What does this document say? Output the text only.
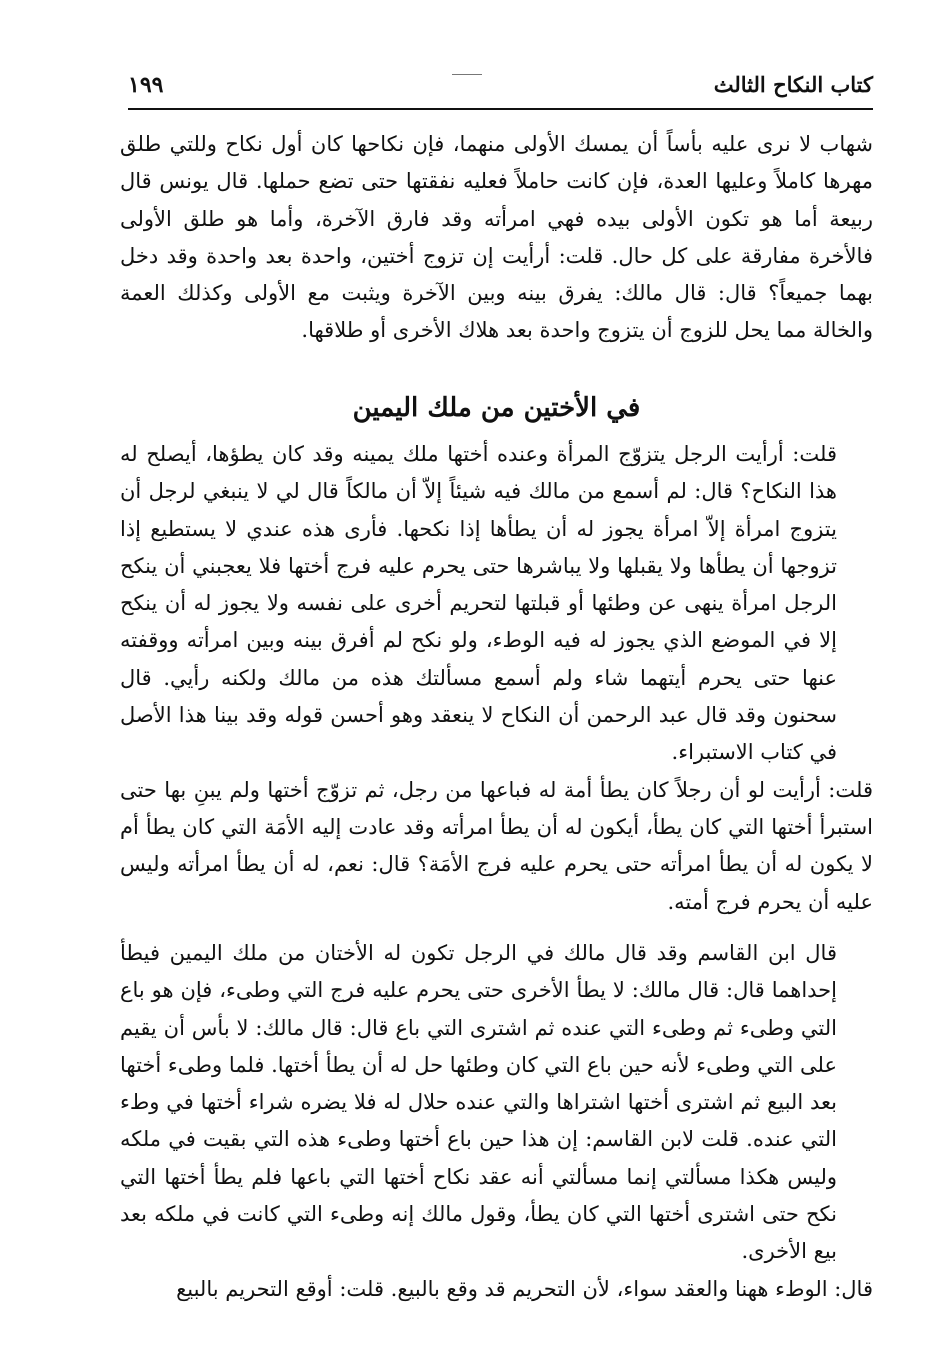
كتاب النكاح الثالث
١٩٩

شهاب لا نرى عليه بأساً أن يمسك الأولى منهما، فإن نكاحها كان أول نكاح وللتي طلق مهرها كاملاً وعليها العدة، فإن كانت حاملاً فعليه نفقتها حتى تضع حملها. قال يونس قال ربيعة أما هو تكون الأولى بيده فهي امرأته وقد فارق الآخرة، وأما هو طلق الأولى فالأخرة مفارقة على كل حال. قلت: أرأيت إن تزوج أختين، واحدة بعد واحدة وقد دخل بهما جميعاً؟ قال: قال مالك: يفرق بينه وبين الآخرة ويثبت مع الأولى وكذلك العمة والخالة مما يحل للزوج أن يتزوج واحدة بعد هلاك الأخرى أو طلاقها.

في الأختين من ملك اليمين

قلت: أرأيت الرجل يتزوّج المرأة وعنده أختها ملك يمينه وقد كان يطؤها، أيصلح له هذا النكاح؟ قال: لم أسمع من مالك فيه شيئاً إلاّ أن مالكاً قال لي لا ينبغي لرجل أن يتزوج امرأة إلاّ امرأة يجوز له أن يطأها إذا نكحها. فأرى هذه عندي لا يستطيع إذا تزوجها أن يطأها ولا يقبلها ولا يباشرها حتى يحرم عليه فرج أختها فلا يعجبني أن ينكح الرجل امرأة ينهى عن وطئها أو قبلتها لتحريم أخرى على نفسه ولا يجوز له أن ينكح إلا في الموضع الذي يجوز له فيه الوطء، ولو نكح لم أفرق بينه وبين امرأته ووقفته عنها حتى يحرم أيتهما شاء ولم أسمع مسألتك هذه من مالك ولكنه رأيي. قال سحنون وقد قال عبد الرحمن أن النكاح لا ينعقد وهو أحسن قوله وقد بينا هذا الأصل في كتاب الاستبراء.

قلت: أرأيت لو أن رجلاً كان يطأ أمة له فباعها من رجل، ثم تزوّج أختها ولم يبنِ بها حتى استبرأ أختها التي كان يطأ، أيكون له أن يطأ امرأته وقد عادت إليه الأمَة التي كان يطأ أم لا يكون له أن يطأ امرأته حتى يحرم عليه فرج الأمَة؟ قال: نعم، له أن يطأ امرأته وليس عليه أن يحرم فرج أمته.

قال ابن القاسم وقد قال مالك في الرجل تكون له الأختان من ملك اليمين فيطأ إحداهما قال: قال مالك: لا يطأ الأخرى حتى يحرم عليه فرج التي وطىء، فإن هو باع التي وطىء ثم وطىء التي عنده ثم اشترى التي باع قال: قال مالك: لا بأس أن يقيم على التي وطىء لأنه حين باع التي كان وطئها حل له أن يطأ أختها. فلما وطىء أختها بعد البيع ثم اشترى أختها اشتراها والتي عنده حلال له فلا يضره شراء أختها في وطء التي عنده. قلت لابن القاسم: إن هذا حين باع أختها وطىء هذه التي بقيت في ملكه وليس هكذا مسألتي إنما مسألتي أنه عقد نكاح أختها التي باعها فلم يطأ أختها التي نكح حتى اشترى أختها التي كان يطأ، وقول مالك إنه وطىء التي كانت في ملكه بعد بيع الأخرى.

قال: الوطء ههنا والعقد سواء، لأن التحريم قد وقع بالبيع. قلت: أوقع التحريم بالبيع
